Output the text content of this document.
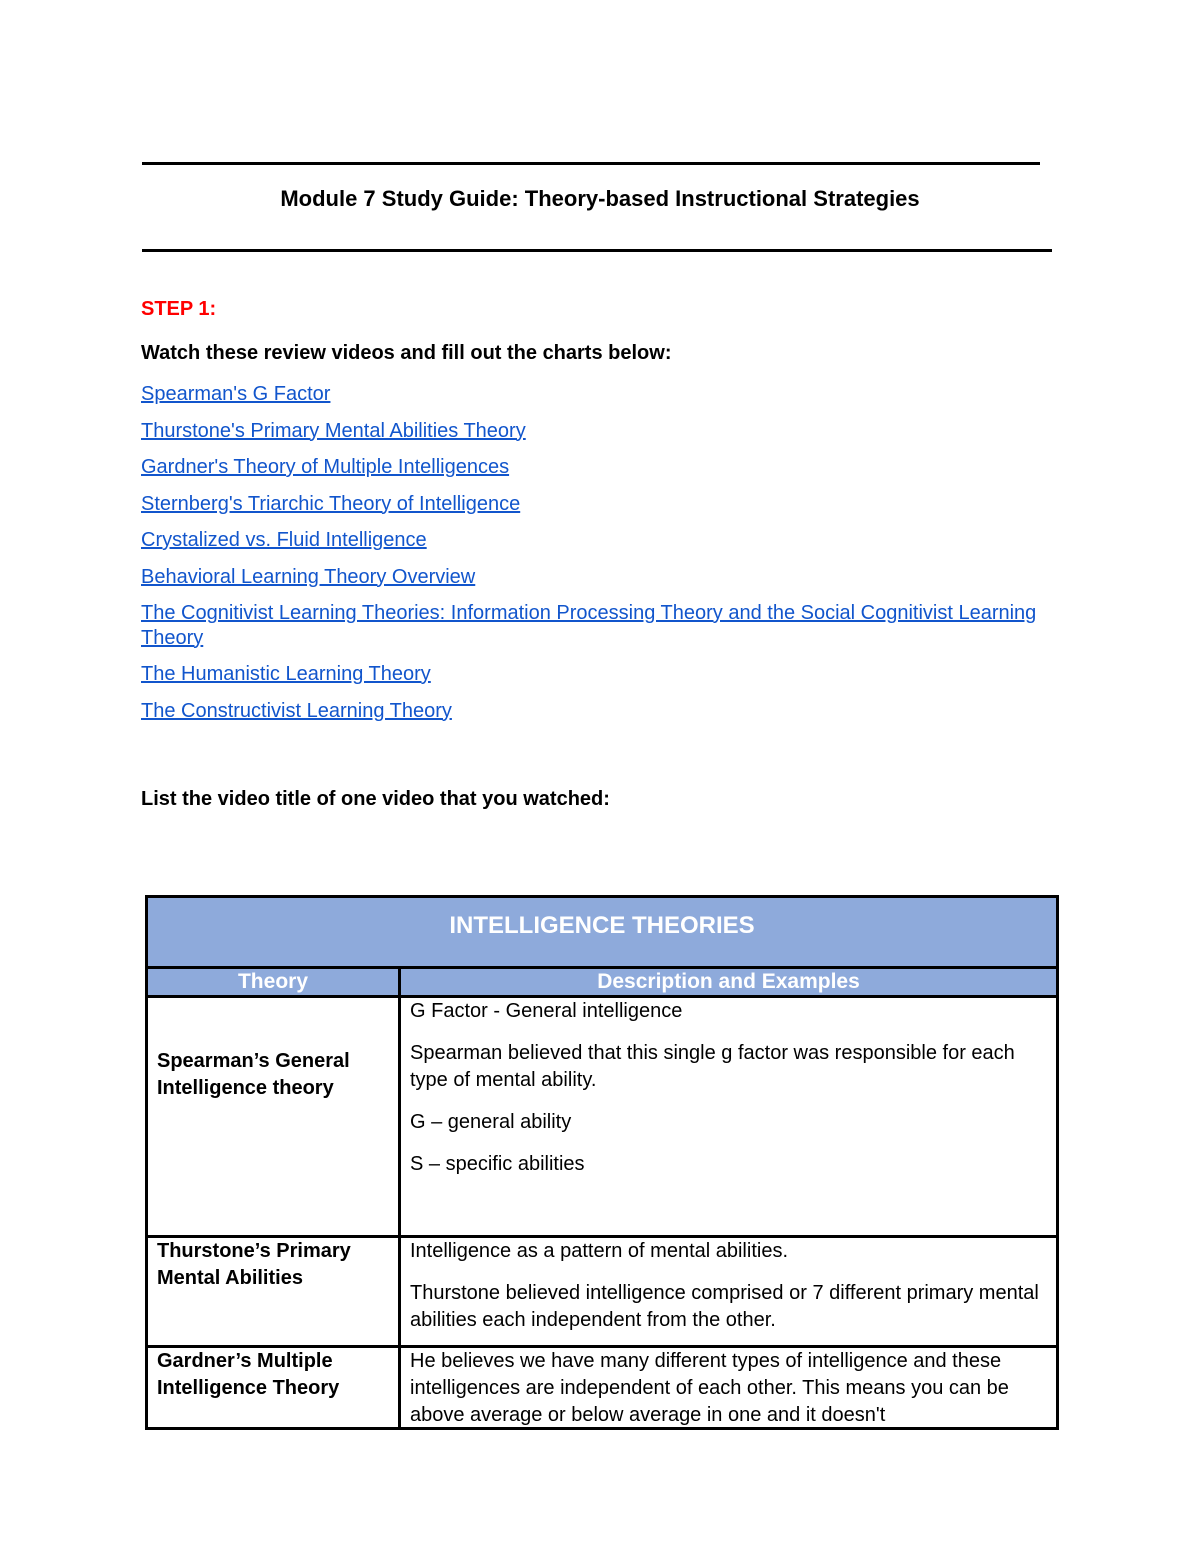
Module 7 Study Guide: Theory-based Instructional Strategies
STEP 1:
Watch these review videos and fill out the charts below:
Spearman's G Factor
Thurstone's Primary Mental Abilities Theory
Gardner's Theory of Multiple Intelligences
Sternberg's Triarchic Theory of Intelligence
Crystalized vs. Fluid Intelligence
Behavioral Learning Theory Overview
The Cognitivist Learning Theories: Information Processing Theory and the Social Cognitivist Learning Theory
The Humanistic Learning Theory
The Constructivist Learning Theory
List the video title of one video that you watched:
INTELLIGENCE THEORIES	

Theory	Description and Examples

Spearman’s General Intelligence theory	G Factor - General intelligence

Spearman believed that this single g factor was responsible for each type of mental ability.

G – general ability

S – specific abilities

Thurstone’s Primary Mental Abilities	Intelligence as a pattern of mental abilities.

Thurstone believed intelligence comprised or 7 different primary mental abilities each independent from the other.

Gardner’s Multiple Intelligence Theory	He believes we have many different types of intelligence and these intelligences are independent of each other. This means you can be above average or below average in one and it doesn't
